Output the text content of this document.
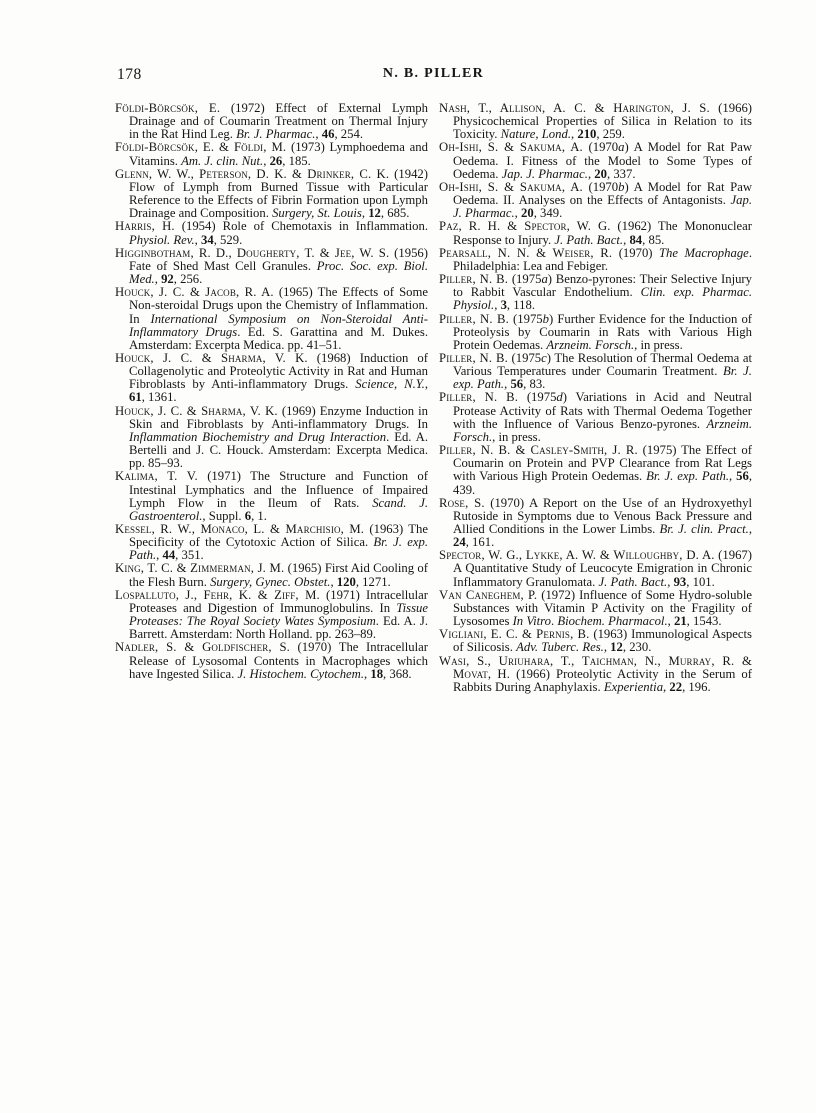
178	N. B. PILLER

Földi-Börcsök, E. (1972) Effect of External Lymph Drainage and of Coumarin Treatment on Thermal Injury in the Rat Hind Leg. Br. J. Pharmac., 46, 254.

Földi-Börcsök, E. & Földi, M. (1973) Lymphoedema and Vitamins. Am. J. clin. Nut., 26, 185.

Glenn, W. W., Peterson, D. K. & Drinker, C. K. (1942) Flow of Lymph from Burned Tissue with Particular Reference to the Effects of Fibrin Formation upon Lymph Drainage and Composition. Surgery, St. Louis, 12, 685.

Harris, H. (1954) Role of Chemotaxis in Inflammation. Physiol. Rev., 34, 529.

Higginbotham, R. D., Dougherty, T. & Jee, W. S. (1956) Fate of Shed Mast Cell Granules. Proc. Soc. exp. Biol. Med., 92, 256.

Houck, J. C. & Jacob, R. A. (1965) The Effects of Some Non-steroidal Drugs upon the Chemistry of Inflammation. In International Symposium on Non-Steroidal Anti-Inflammatory Drugs. Ed. S. Garattina and M. Dukes. Amsterdam: Excerpta Medica. pp. 41–51.

Houck, J. C. & Sharma, V. K. (1968) Induction of Collagenolytic and Proteolytic Activity in Rat and Human Fibroblasts by Anti-inflammatory Drugs. Science, N.Y., 61, 1361.

Houck, J. C. & Sharma, V. K. (1969) Enzyme Induction in Skin and Fibroblasts by Anti-inflammatory Drugs. In Inflammation Biochemistry and Drug Interaction. Ed. A. Bertelli and J. C. Houck. Amsterdam: Excerpta Medica. pp. 85–93.

Kalima, T. V. (1971) The Structure and Function of Intestinal Lymphatics and the Influence of Impaired Lymph Flow in the Ileum of Rats. Scand. J. Gastroenterol., Suppl. 6, 1.

Kessel, R. W., Monaco, L. & Marchisio, M. (1963) The Specificity of the Cytotoxic Action of Silica. Br. J. exp. Path., 44, 351.

King, T. C. & Zimmerman, J. M. (1965) First Aid Cooling of the Flesh Burn. Surgery, Gynec. Obstet., 120, 1271.

Lospalluto, J., Fehr, K. & Ziff, M. (1971) Intracellular Proteases and Digestion of Immunoglobulins. In Tissue Proteases: The Royal Society Wates Symposium. Ed. A. J. Barrett. Amsterdam: North Holland. pp. 263–89.

Nadler, S. & Goldfischer, S. (1970) The Intracellular Release of Lysosomal Contents in Macrophages which have Ingested Silica. J. Histochem. Cytochem., 18, 368.

Nash, T., Allison, A. C. & Harington, J. S. (1966) Physicochemical Properties of Silica in Relation to its Toxicity. Nature, Lond., 210, 259.

Oh-Ishi, S. & Sakuma, A. (1970a) A Model for Rat Paw Oedema. I. Fitness of the Model to Some Types of Oedema. Jap. J. Pharmac., 20, 337.

Oh-Ishi, S. & Sakuma, A. (1970b) A Model for Rat Paw Oedema. II. Analyses on the Effects of Antagonists. Jap. J. Pharmac., 20, 349.

Paz, R. H. & Spector, W. G. (1962) The Mononuclear Response to Injury. J. Path. Bact., 84, 85.

Pearsall, N. N. & Weiser, R. (1970) The Macrophage. Philadelphia: Lea and Febiger.

Piller, N. B. (1975a) Benzo-pyrones: Their Selective Injury to Rabbit Vascular Endothelium. Clin. exp. Pharmac. Physiol., 3, 118.

Piller, N. B. (1975b) Further Evidence for the Induction of Proteolysis by Coumarin in Rats with Various High Protein Oedemas. Arzneim. Forsch., in press.

Piller, N. B. (1975c) The Resolution of Thermal Oedema at Various Temperatures under Coumarin Treatment. Br. J. exp. Path., 56, 83.

Piller, N. B. (1975d) Variations in Acid and Neutral Protease Activity of Rats with Thermal Oedema Together with the Influence of Various Benzo-pyrones. Arzneim. Forsch., in press.

Piller, N. B. & Casley-Smith, J. R. (1975) The Effect of Coumarin on Protein and PVP Clearance from Rat Legs with Various High Protein Oedemas. Br. J. exp. Path., 56, 439.

Rose, S. (1970) A Report on the Use of an Hydroxyethyl Rutoside in Symptoms due to Venous Back Pressure and Allied Conditions in the Lower Limbs. Br. J. clin. Pract., 24, 161.

Spector, W. G., Lykke, A. W. & Willoughby, D. A. (1967) A Quantitative Study of Leucocyte Emigration in Chronic Inflammatory Granulomata. J. Path. Bact., 93, 101.

Van Caneghem, P. (1972) Influence of Some Hydro-soluble Substances with Vitamin P Activity on the Fragility of Lysosomes In Vitro. Biochem. Pharmacol., 21, 1543.

Vigliani, E. C. & Pernis, B. (1963) Immunological Aspects of Silicosis. Adv. Tuberc. Res., 12, 230.

Wasi, S., Uriuhara, T., Taichman, N., Murray, R. & Movat, H. (1966) Proteolytic Activity in the Serum of Rabbits During Anaphylaxis. Experientia, 22, 196.
